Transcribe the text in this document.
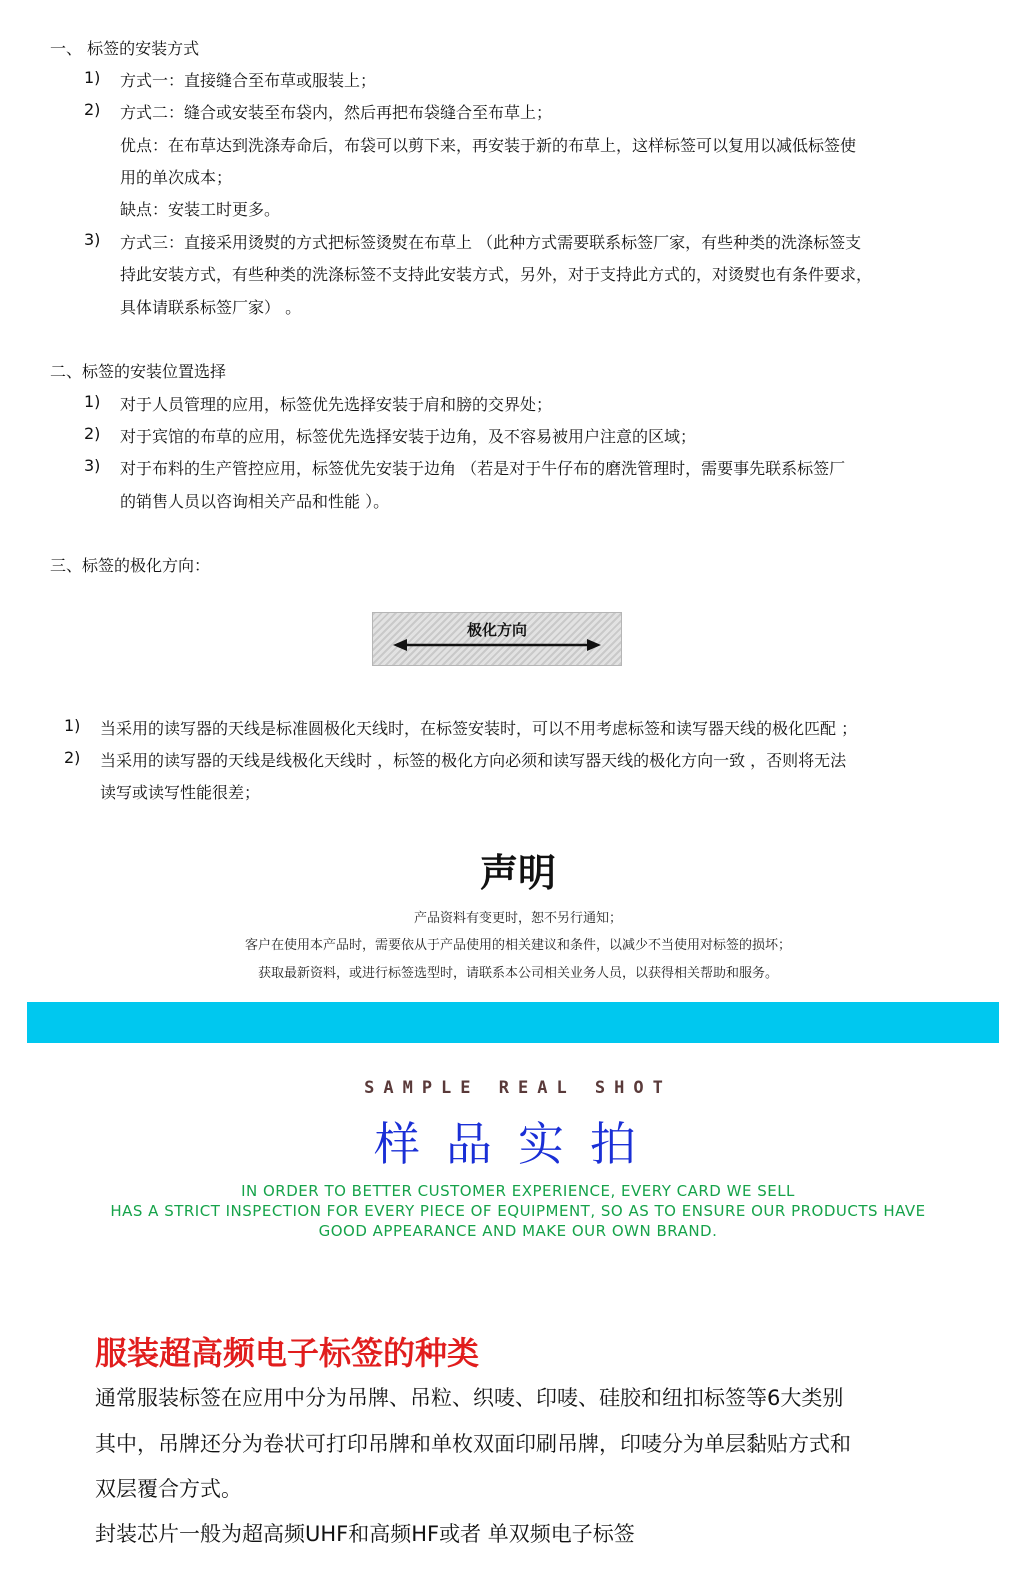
一、 标签的安装方式
1) 方式一：直接缝合至布草或服装上；
2) 方式二：缝合或安装至布袋内，然后再把布袋缝合至布草上；
优点：在布草达到洗涤寿命后，布袋可以剪下来，再安装于新的布草上，这样标签可以复用以减低标签使
用的单次成本；
缺点：安装工时更多。
3) 方式三：直接采用烫熨的方式把标签烫熨在布草上 （此种方式需要联系标签厂家，有些种类的洗涤标签支
持此安装方式，有些种类的洗涤标签不支持此安装方式，另外，对于支持此方式的，对烫熨也有条件要求，
具体请联系标签厂家） 。
二、标签的安装位置选择
1) 对于人员管理的应用，标签优先选择安装于肩和膀的交界处；
2) 对于宾馆的布草的应用，标签优先选择安装于边角，及不容易被用户注意的区域；
3) 对于布料的生产管控应用，标签优先安装于边角 （若是对于牛仔布的磨洗管理时，需要事先联系标签厂
的销售人员以咨询相关产品和性能 ）。
三、标签的极化方向：
极化方向
1) 当采用的读写器的天线是标准圆极化天线时，在标签安装时，可以不用考虑标签和读写器天线的极化匹配 ；
2) 当采用的读写器的天线是线极化天线时 ，标签的极化方向必须和读写器天线的极化方向一致 ，否则将无法
读写或读写性能很差；
声明
产品资料有变更时，恕不另行通知；
客户在使用本产品时，需要依从于产品使用的相关建议和条件，以减少不当使用对标签的损坏；
获取最新资料，或进行标签选型时，请联系本公司相关业务人员，以获得相关帮助和服务。
SAMPLE REAL SHOT
样品实拍
IN ORDER TO BETTER CUSTOMER EXPERIENCE, EVERY CARD WE SELL
HAS A STRICT INSPECTION FOR EVERY PIECE OF EQUIPMENT, SO AS TO ENSURE OUR PRODUCTS HAVE
GOOD APPEARANCE AND MAKE OUR OWN BRAND.
服装超高频电子标签的种类
通常服装标签在应用中分为吊牌、吊粒、织唛、印唛、硅胶和纽扣标签等6大类别
其中，吊牌还分为卷状可打印吊牌和单枚双面印刷吊牌，印唛分为单层黏贴方式和
双层覆合方式。
封装芯片一般为超高频UHF和高频HF或者 单双频电子标签
